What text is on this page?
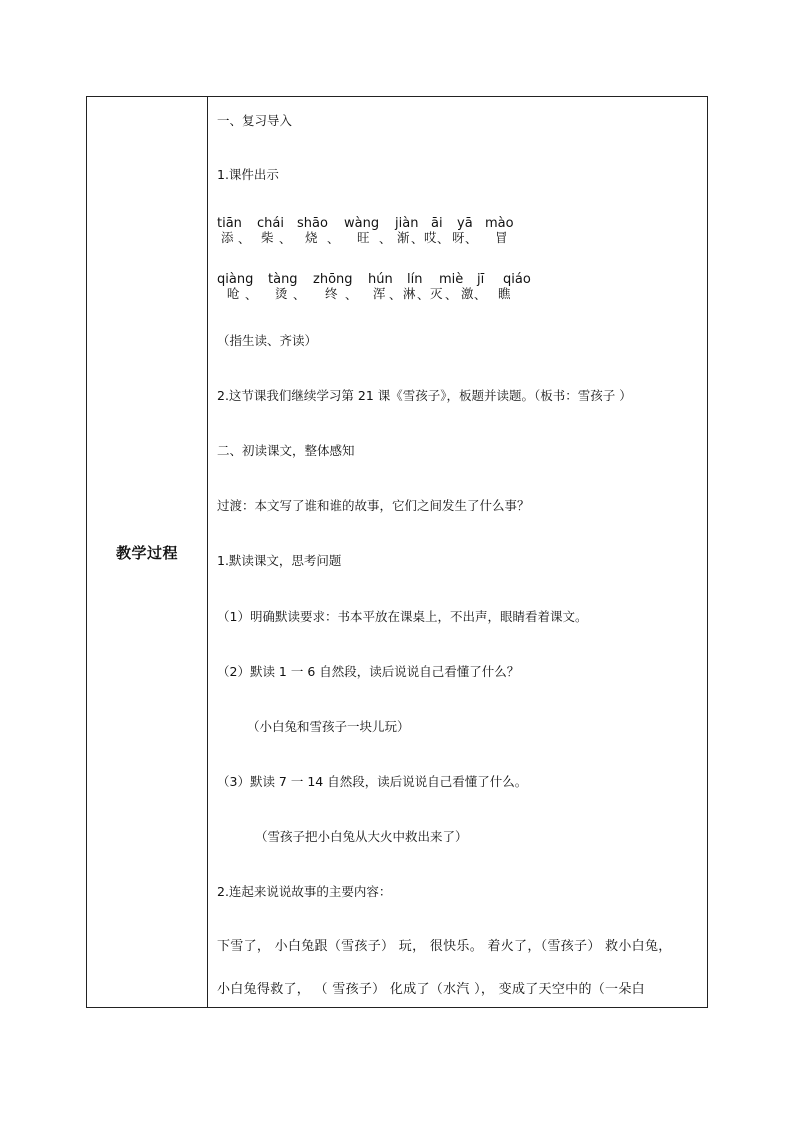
教学过程
一、复习导入
1.课件出示
tiān
添 、
chái
柴 、
shāo
烧 、
wàng
旺 、
jiàn
渐 、
āi
哎 、
yā
呀 、
mào
冒
qiàng
呛 、
tàng
烫 、
zhōng
终 、
hún
浑 、
lín
淋 、
miè
灭 、
jī
激 、
qiáo
瞧
（指生读、齐读）
2.这节课我们继续学习第 21 课《雪孩子》，板题并读题。（板书：雪孩子 ）
二、初读课文，整体感知
过渡：本文写了谁和谁的故事，它们之间发生了什么事？
1.默读课文，思考问题
（1）明确默读要求：书本平放在课桌上，不出声，眼睛看着课文。
（2）默读 1 一 6 自然段，读后说说自己看懂了什么？
（小白兔和雪孩子一块儿玩）
（3）默读 7 一 14 自然段，读后说说自己看懂了什么。
（雪孩子把小白兔从大火中救出来了）
2.连起来说说故事的主要内容：
下雪了， 小白兔跟（雪孩子） 玩， 很快乐。 着火了，（雪孩子） 救小白兔，
小白兔得救了， （ 雪孩子） 化成了（水汽 ）， 变成了天空中的（一朵白
